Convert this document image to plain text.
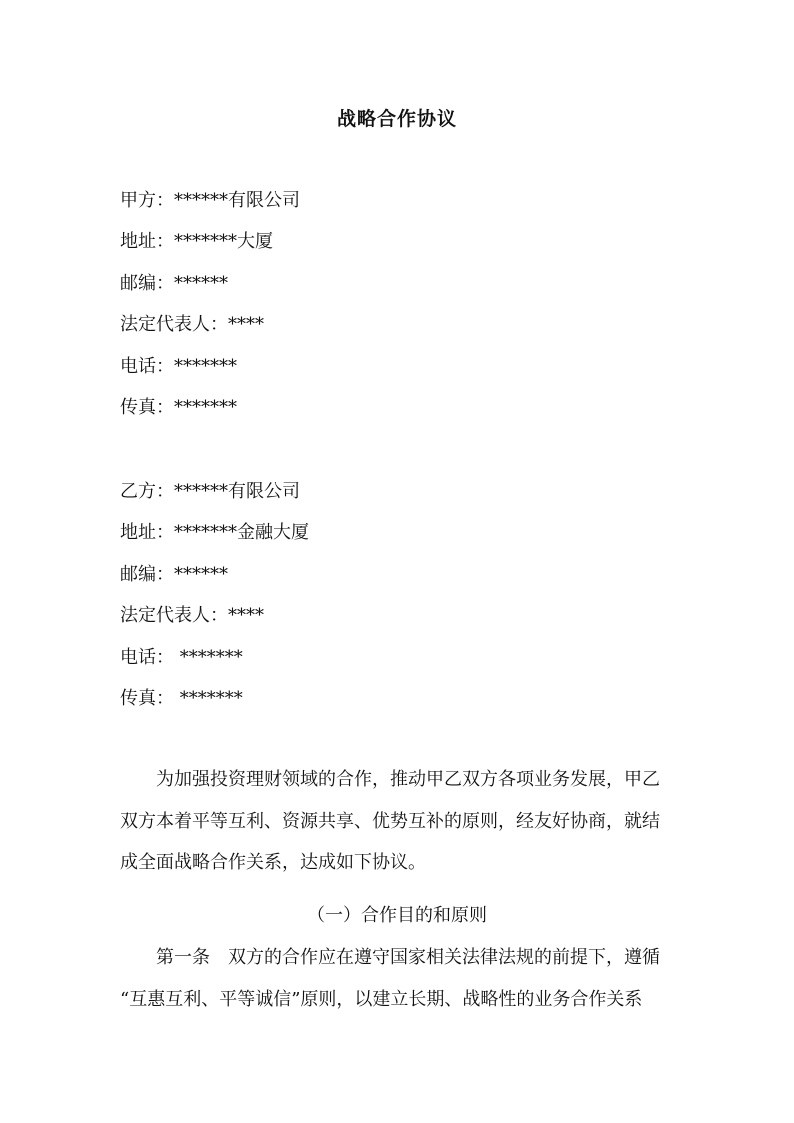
战略合作协议
甲方：******有限公司
地址：*******大厦
邮编：******
法定代表人：****
电话：*******
传真：*******
乙方：******有限公司
地址：*******金融大厦
邮编：******
法定代表人：****
电话： *******
传真： *******
为加强投资理财领域的合作，推动甲乙双方各项业务发展，甲乙
双方本着平等互利、资源共享、优势互补的原则，经友好协商，就结
成全面战略合作关系，达成如下协议。
（一）合作目的和原则
第一条　双方的合作应在遵守国家相关法律法规的前提下，遵循
“互惠互利、平等诚信”原则，以建立长期、战略性的业务合作关系
